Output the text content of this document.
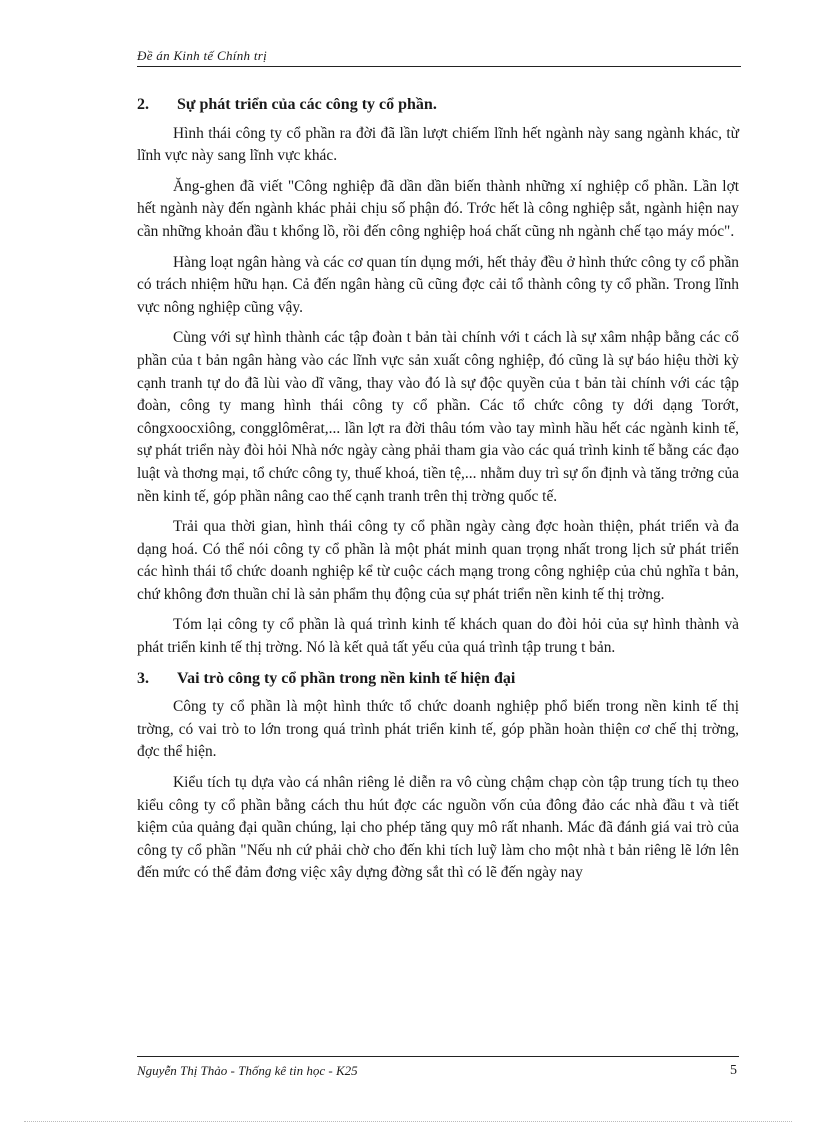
Đề án Kinh tế Chính trị
2.	Sự phát triển của các công ty cổ phần.

Hình thái công ty cổ phần ra đời đã lần lượt chiếm lĩnh hết ngành này sang ngành khác, từ lĩnh vực này sang lĩnh vực khác.

Ăng-ghen đã viết "Công nghiệp đã dần dần biến thành những xí nghiệp cổ phần. Lần lợt hết ngành này đến ngành khác phải chịu số phận đó. Trớc hết là công nghiệp sắt, ngành hiện nay cần những khoản đầu t khổng lồ, rồi đến công nghiệp hoá chất cũng nh ngành chế tạo máy móc".

Hàng loạt ngân hàng và các cơ quan tín dụng mới, hết thảy đều ở hình thức công ty cổ phần có trách nhiệm hữu hạn. Cả đến ngân hàng cũ cũng đợc cải tổ thành công ty cổ phần. Trong lĩnh vực nông nghiệp cũng vậy.

Cùng với sự hình thành các tập đoàn t bản tài chính với t cách là sự xâm nhập bằng các cổ phần của t bản ngân hàng vào các lĩnh vực sản xuất công nghiệp, đó cũng là sự báo hiệu thời kỳ cạnh tranh tự do đã lùi vào dĩ vãng, thay vào đó là sự độc quyền của t bản tài chính với các tập đoàn, công ty mang hình thái công ty cổ phần. Các tổ chức công ty dới dạng Torớt, côngxoocxiông, congglômêrat,... lần lợt ra đời thâu tóm vào tay mình hầu hết các ngành kinh tế, sự phát triển này đòi hỏi Nhà nớc ngày càng phải tham gia vào các quá trình kinh tế bằng các đạo luật và thơng mại, tổ chức công ty, thuế khoá, tiền tệ,... nhằm duy trì sự ổn định và tăng trởng của nền kinh tế, góp phần nâng cao thế cạnh tranh trên thị trờng quốc tế.

Trải qua thời gian, hình thái công ty cổ phần ngày càng đợc hoàn thiện, phát triển và đa dạng hoá. Có thể nói công ty cổ phần là một phát minh quan trọng nhất trong lịch sử phát triển các hình thái tổ chức doanh nghiệp kể từ cuộc cách mạng trong công nghiệp của chủ nghĩa t bản, chứ không đơn thuần chỉ là sản phẩm thụ động của sự phát triển nền kinh tế thị trờng.

Tóm lại công ty cổ phần là quá trình kinh tế khách quan do đòi hỏi của sự hình thành và phát triển kinh tế thị trờng. Nó là kết quả tất yếu của quá trình tập trung t bản.

3.	Vai trò công ty cổ phần trong nền kinh tế hiện đại

Công ty cổ phần là một hình thức tổ chức doanh nghiệp phổ biến trong nền kinh tế thị trờng, có vai trò to lớn trong quá trình phát triển kinh tế, góp phần hoàn thiện cơ chế thị trờng, đợc thể hiện.

Kiểu tích tụ dựa vào cá nhân riêng lẻ diễn ra vô cùng chậm chạp còn tập trung tích tụ theo kiểu công ty cổ phần bằng cách thu hút đợc các nguồn vốn của đông đảo các nhà đầu t và tiết kiệm của quảng đại quần chúng, lại cho phép tăng quy mô rất nhanh. Mác đã đánh giá vai trò của công ty cổ phần "Nếu nh cứ phải chờ cho đến khi tích luỹ làm cho một nhà t bản riêng lẽ lớn lên đến mức có thể đảm đơng việc xây dựng đờng sắt thì có lẽ đến ngày nay

Nguyễn Thị Thảo - Thống kê tin học - K25	5
